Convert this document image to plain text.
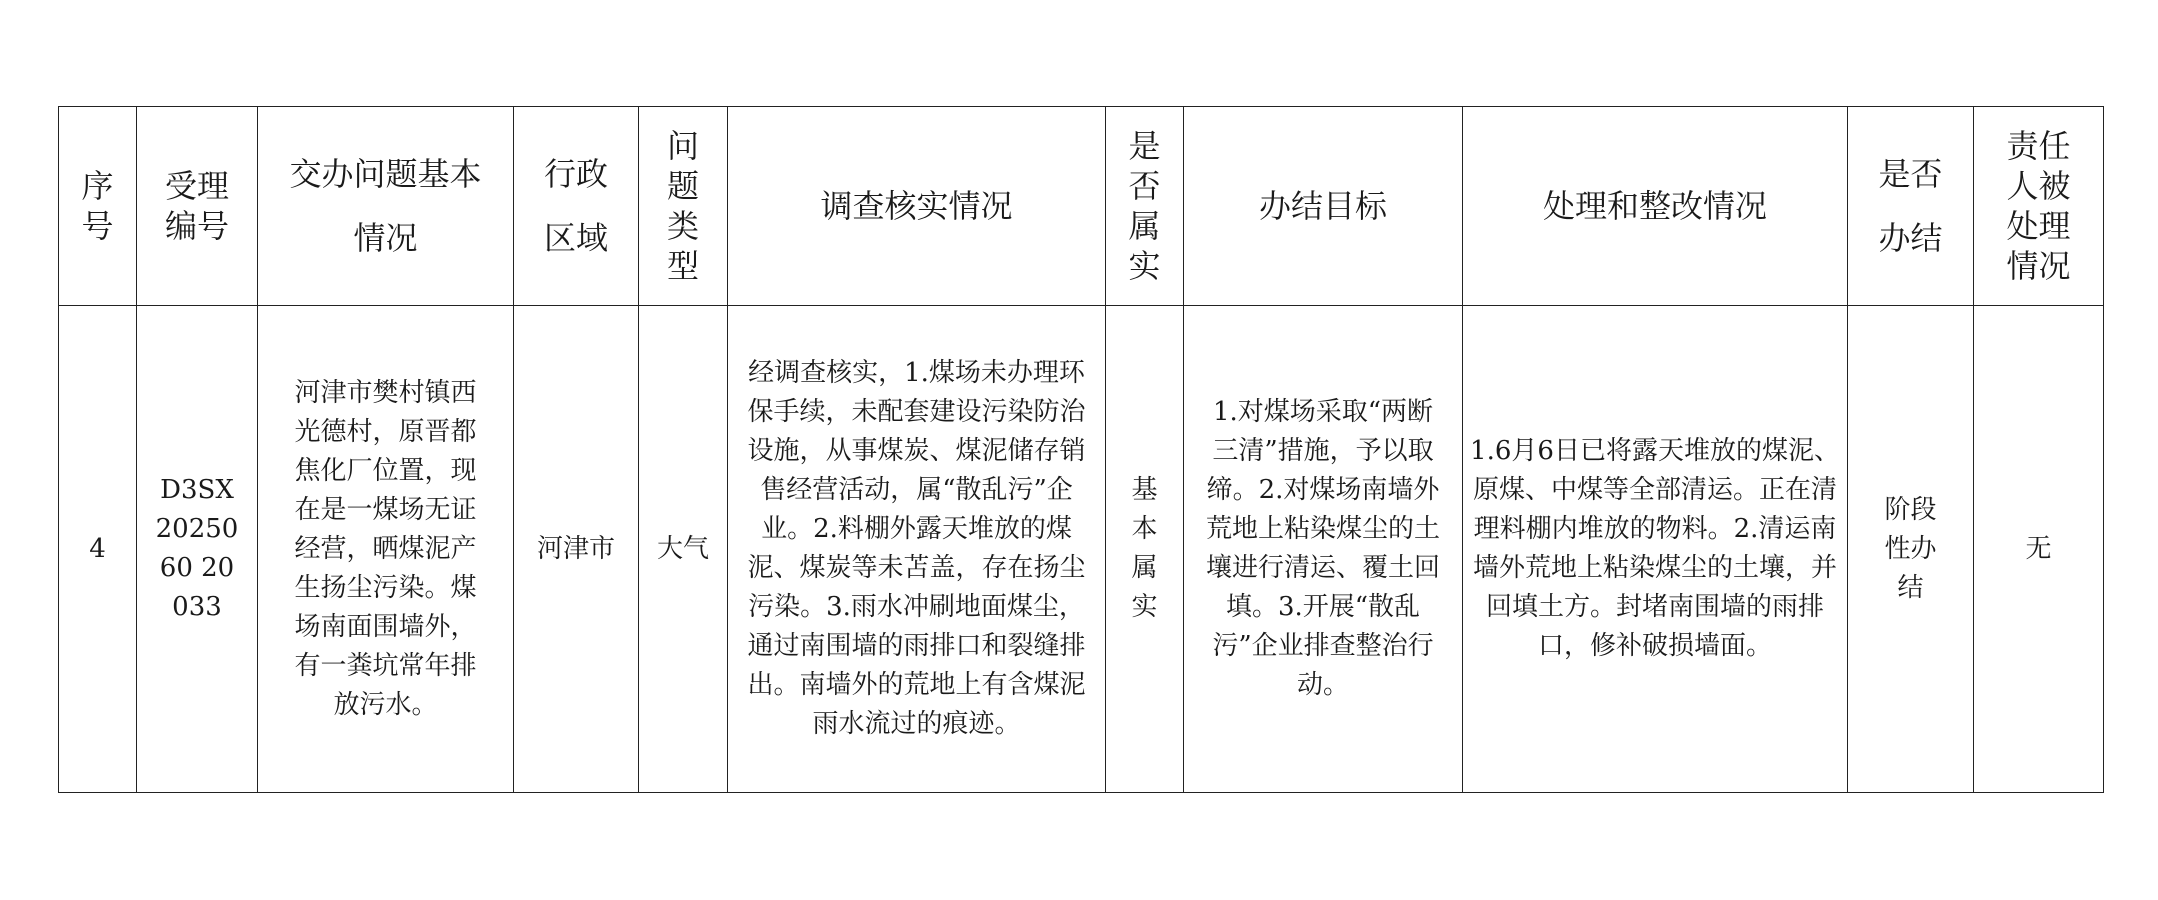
序号	受理编号	交办问题基本情况	行政区域	问题类型	调查核实情况	是否属实	办结目标	处理和整改情况	是否办结	责任人被处理情况
4	D3SX2025060 20033	河津市樊村镇西光德村，原晋都焦化厂位置，现在是一煤场无证经营，晒煤泥产生扬尘污染。煤场南面围墙外，有一粪坑常年排放污水。	河津市	大气	经调查核实，1.煤场未办理环保手续，未配套建设污染防治设施，从事煤炭、煤泥储存销售经营活动，属“散乱污”企业。2.料棚外露天堆放的煤泥、煤炭等未苫盖，存在扬尘污染。3.雨水冲刷地面煤尘，通过南围墙的雨排口和裂缝排出。南墙外的荒地上有含煤泥雨水流过的痕迹。	基本属实	1.对煤场采取“两断三清”措施，予以取缔。2.对煤场南墙外荒地上粘染煤尘的土壤进行清运、覆土回填。3.开展“散乱污”企业排查整治行动。	1.6月6日已将露天堆放的煤泥、原煤、中煤等全部清运。正在清理料棚内堆放的物料。2.清运南墙外荒地上粘染煤尘的土壤，并回填土方。封堵南围墙的雨排口，修补破损墙面。	阶段性办结	无
